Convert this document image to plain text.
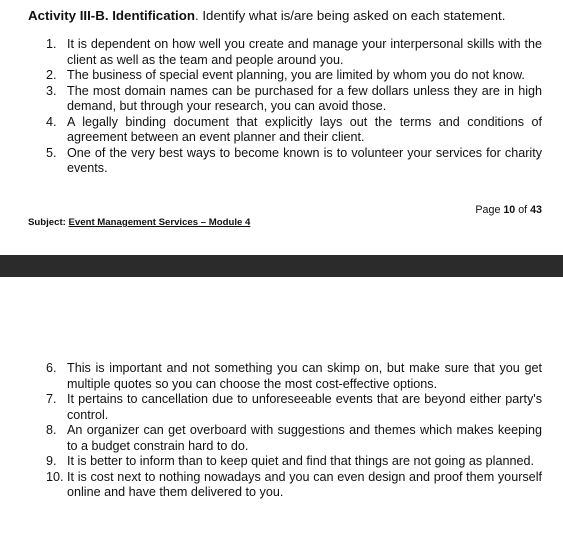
Activity III-B. Identification. Identify what is/are being asked on each statement.
1. It is dependent on how well you create and manage your interpersonal skills with the client as well as the team and people around you.
2. The business of special event planning, you are limited by whom you do not know.
3. The most domain names can be purchased for a few dollars unless they are in high demand, but through your research, you can avoid those.
4. A legally binding document that explicitly lays out the terms and conditions of agreement between an event planner and their client.
5. One of the very best ways to become known is to volunteer your services for charity events.
Page 10 of 43
Subject: Event Management Services – Module 4
6. This is important and not something you can skimp on, but make sure that you get multiple quotes so you can choose the most cost-effective options.
7. It pertains to cancellation due to unforeseeable events that are beyond either party's control.
8. An organizer can get overboard with suggestions and themes which makes keeping to a budget constrain hard to do.
9. It is better to inform than to keep quiet and find that things are not going as planned.
10. It is cost next to nothing nowadays and you can even design and proof them yourself online and have them delivered to you.
